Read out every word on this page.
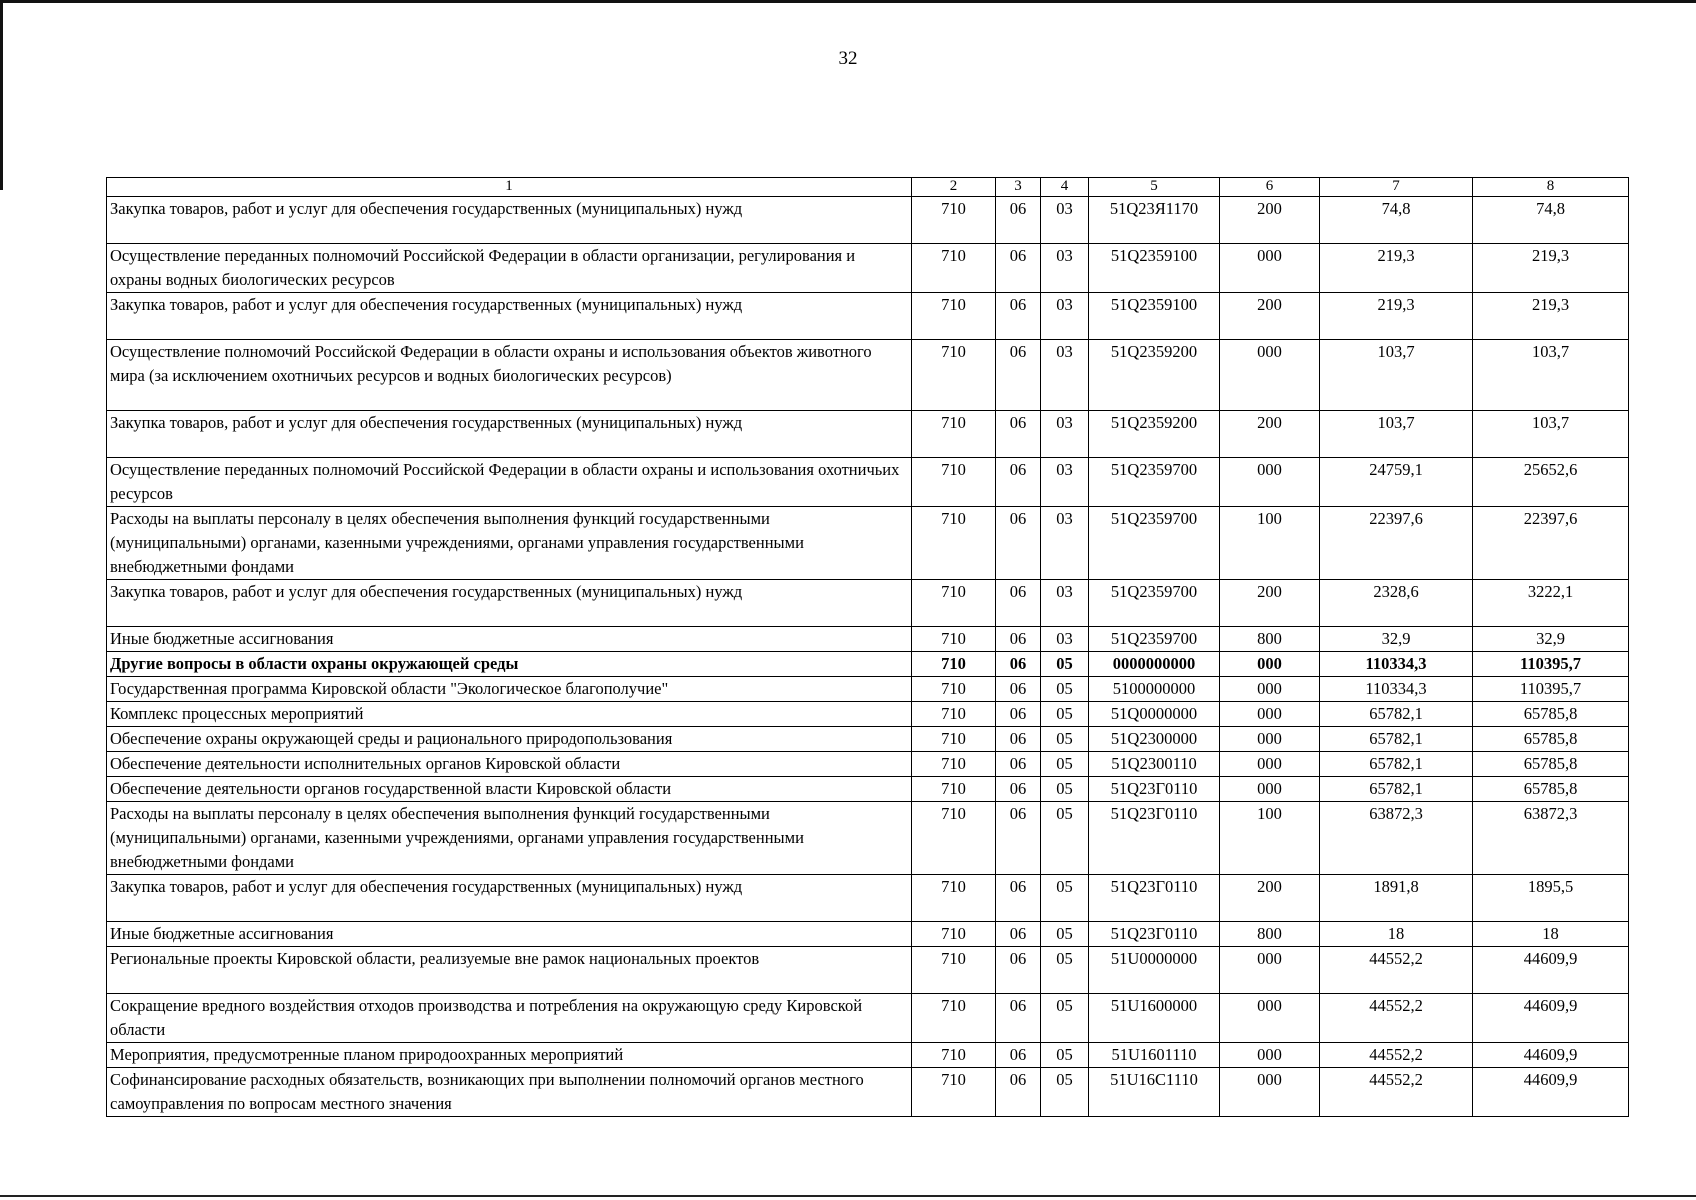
32
1	2	3	4	5	6	7	8
Закупка товаров, работ и услуг для обеспечения государственных (муниципальных) нужд	710	06	03	51Q23Я1170	200	74,8	74,8
Осуществление переданных полномочий Российской Федерации в области организации, регулирования и охраны водных биологических ресурсов	710	06	03	51Q2359100	000	219,3	219,3
Закупка товаров, работ и услуг для обеспечения государственных (муниципальных) нужд	710	06	03	51Q2359100	200	219,3	219,3
Осуществление полномочий Российской Федерации в области охраны и использования объектов животного мира (за исключением охотничьих ресурсов и водных биологических ресурсов)	710	06	03	51Q2359200	000	103,7	103,7
Закупка товаров, работ и услуг для обеспечения государственных (муниципальных) нужд	710	06	03	51Q2359200	200	103,7	103,7
Осуществление переданных полномочий Российской Федерации в области охраны и использования охотничьих ресурсов	710	06	03	51Q2359700	000	24759,1	25652,6
Расходы на выплаты персоналу в целях обеспечения выполнения функций государственными (муниципальными) органами, казенными учреждениями, органами управления государственными внебюджетными фондами	710	06	03	51Q2359700	100	22397,6	22397,6
Закупка товаров, работ и услуг для обеспечения государственных (муниципальных) нужд	710	06	03	51Q2359700	200	2328,6	3222,1
Иные бюджетные ассигнования	710	06	03	51Q2359700	800	32,9	32,9
Другие вопросы в области охраны окружающей среды	710	06	05	0000000000	000	110334,3	110395,7
Государственная программа Кировской области "Экологическое благополучие"	710	06	05	5100000000	000	110334,3	110395,7
Комплекс процессных мероприятий	710	06	05	51Q0000000	000	65782,1	65785,8
Обеспечение охраны окружающей среды и рационального природопользования	710	06	05	51Q2300000	000	65782,1	65785,8
Обеспечение деятельности исполнительных органов Кировской области	710	06	05	51Q2300110	000	65782,1	65785,8
Обеспечение деятельности органов государственной власти Кировской области	710	06	05	51Q23Г0110	000	65782,1	65785,8
Расходы на выплаты персоналу в целях обеспечения выполнения функций государственными (муниципальными) органами, казенными учреждениями, органами управления государственными внебюджетными фондами	710	06	05	51Q23Г0110	100	63872,3	63872,3
Закупка товаров, работ и услуг для обеспечения государственных (муниципальных) нужд	710	06	05	51Q23Г0110	200	1891,8	1895,5
Иные бюджетные ассигнования	710	06	05	51Q23Г0110	800	18	18
Региональные проекты Кировской области, реализуемые вне рамок национальных проектов	710	06	05	51U0000000	000	44552,2	44609,9
Сокращение вредного воздействия отходов производства и потребления на окружающую среду Кировской области	710	06	05	51U1600000	000	44552,2	44609,9
Мероприятия, предусмотренные планом природоохранных мероприятий	710	06	05	51U1601110	000	44552,2	44609,9
Софинансирование расходных обязательств, возникающих при выполнении полномочий органов местного самоуправления по вопросам местного значения	710	06	05	51U16C1110	000	44552,2	44609,9
